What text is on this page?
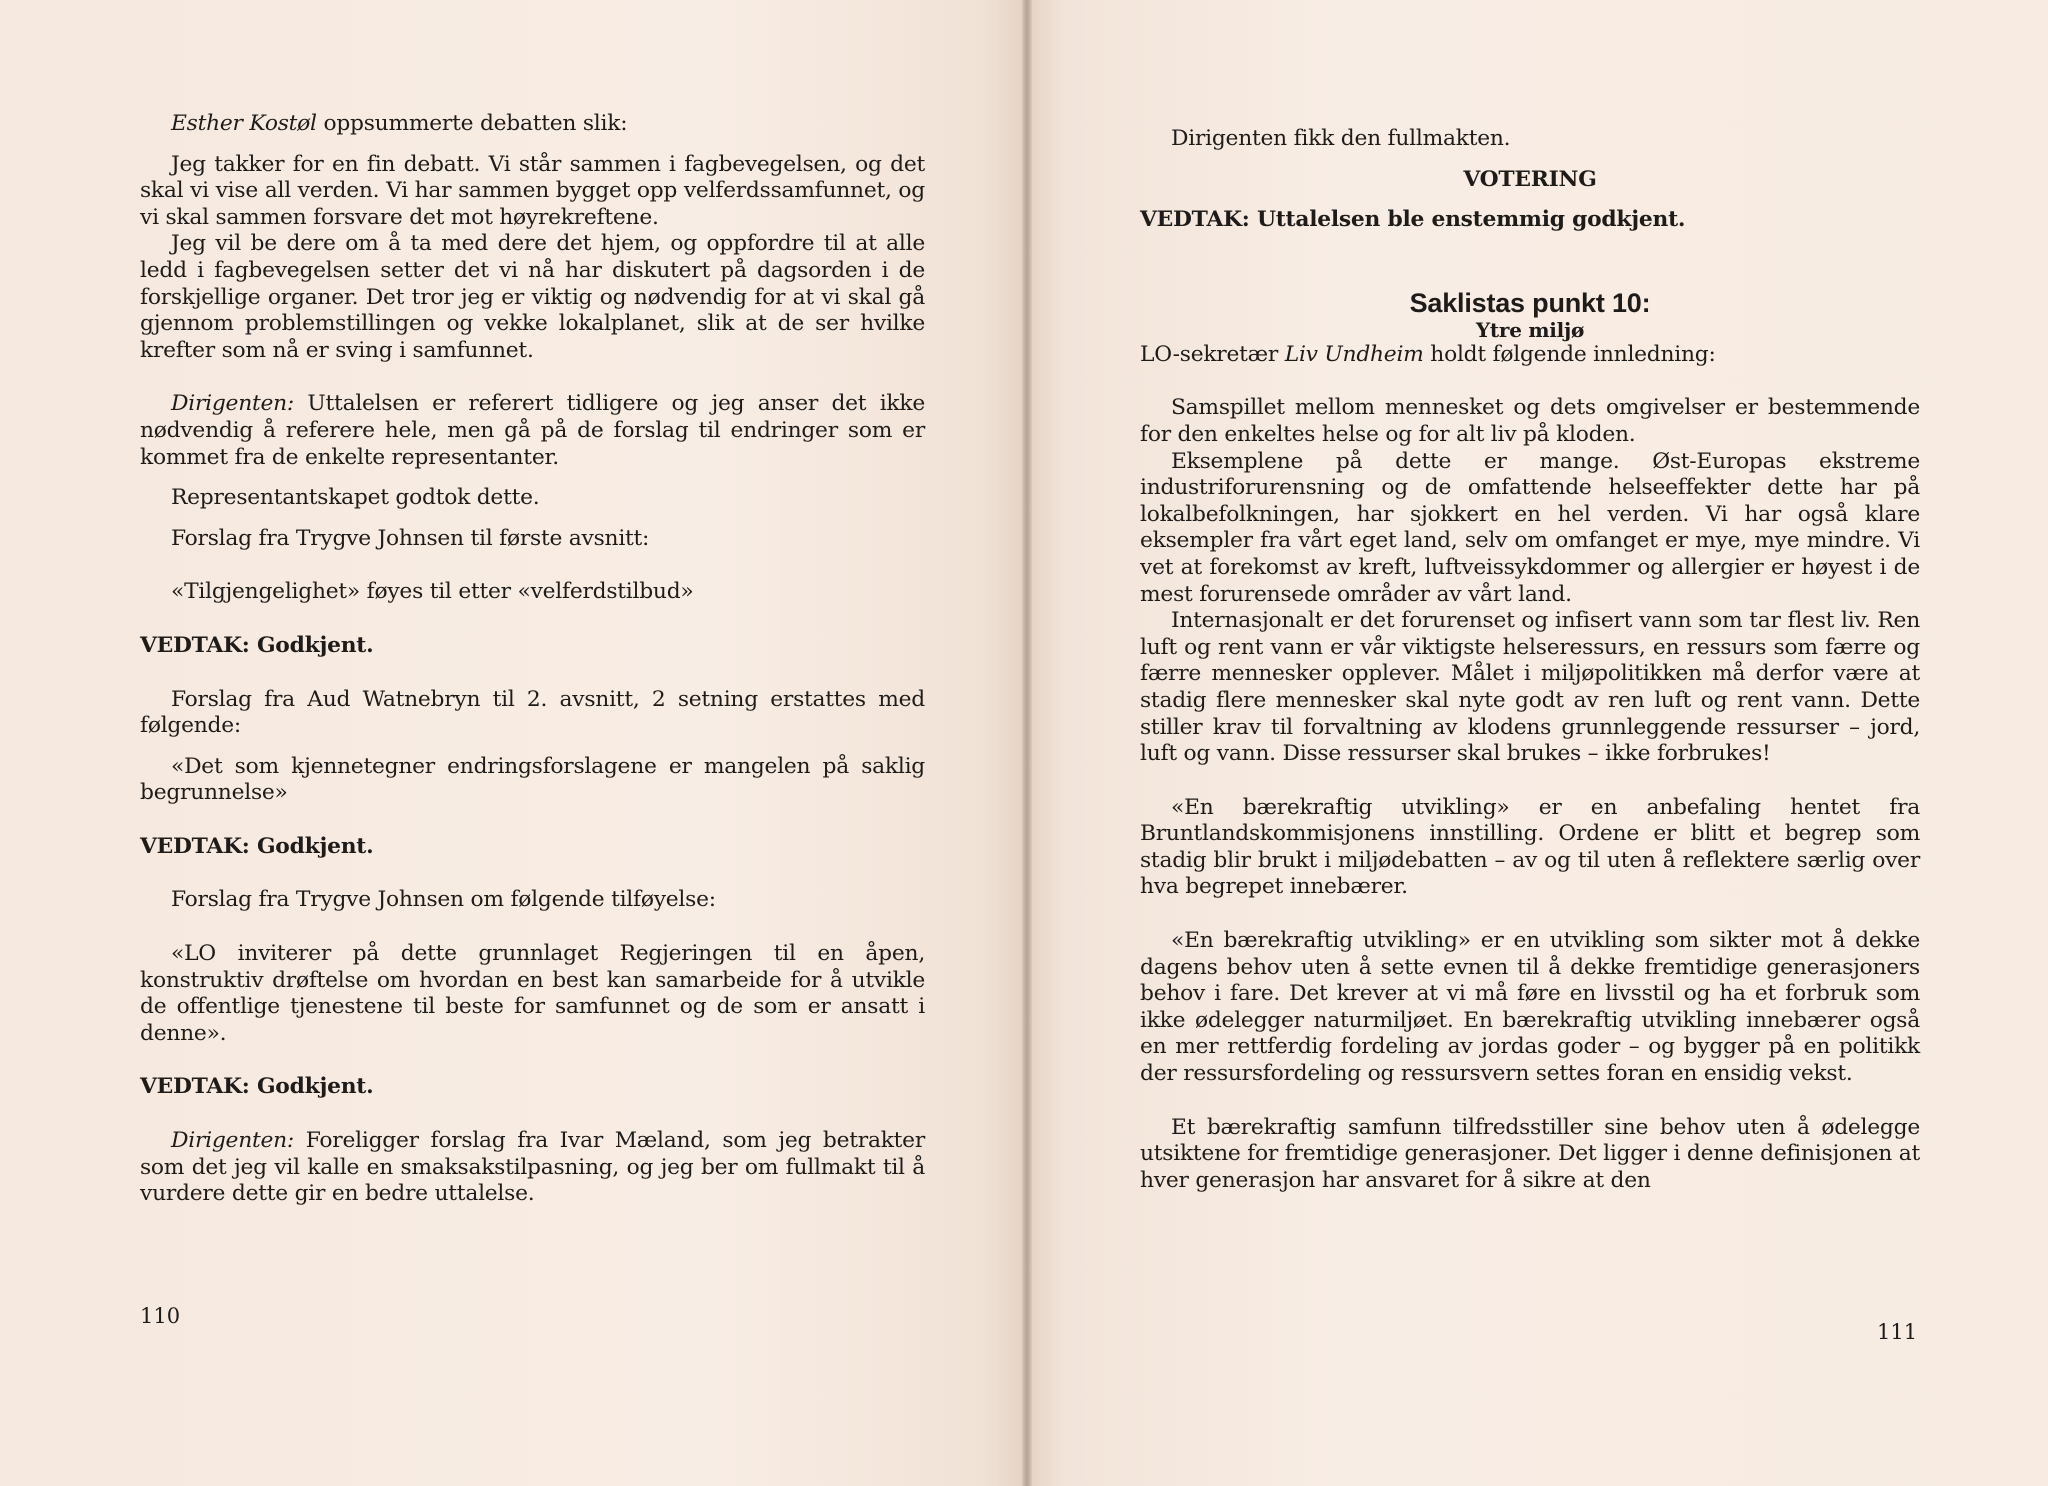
Esther Kostøl oppsummerte debatten slik:

Jeg takker for en fin debatt. Vi står sammen i fagbevegelsen, og det skal vi vise all verden. Vi har sammen bygget opp velferdssamfunnet, og vi skal sammen forsvare det mot høyrekreftene.

Jeg vil be dere om å ta med dere det hjem, og oppfordre til at alle ledd i fagbevegelsen setter det vi nå har diskutert på dagsorden i de forskjellige organer. Det tror jeg er viktig og nødvendig for at vi skal gå gjennom problemstillingen og vekke lokalplanet, slik at de ser hvilke krefter som nå er sving i samfunnet.

Dirigenten: Uttalelsen er referert tidligere og jeg anser det ikke nødvendig å referere hele, men gå på de forslag til endringer som er kommet fra de enkelte representanter.

Representantskapet godtok dette.

Forslag fra Trygve Johnsen til første avsnitt:

«Tilgjengelighet» føyes til etter «velferdstilbud»

VEDTAK: Godkjent.

Forslag fra Aud Watnebryn til 2. avsnitt, 2 setning erstattes med følgende:

«Det som kjennetegner endringsforslagene er mangelen på saklig begrunnelse»

VEDTAK: Godkjent.

Forslag fra Trygve Johnsen om følgende tilføyelse:

«LO inviterer på dette grunnlaget Regjeringen til en åpen, konstruktiv drøftelse om hvordan en best kan samarbeide for å utvikle de offentlige tjenestene til beste for samfunnet og de som er ansatt i denne».

VEDTAK: Godkjent.

Dirigenten: Foreligger forslag fra Ivar Mæland, som jeg betrakter som det jeg vil kalle en smaksakstilpasning, og jeg ber om fullmakt til å vurdere dette gir en bedre uttalelse.

110

Dirigenten fikk den fullmakten.

VOTERING

VEDTAK: Uttalelsen ble enstemmig godkjent.

Saklistas punkt 10:

Ytre miljø

LO-sekretær Liv Undheim holdt følgende innledning:

Samspillet mellom mennesket og dets omgivelser er bestemmende for den enkeltes helse og for alt liv på kloden.

Eksemplene på dette er mange. Øst-Europas ekstreme industriforurensning og de omfattende helseeffekter dette har på lokalbefolkningen, har sjokkert en hel verden. Vi har også klare eksempler fra vårt eget land, selv om omfanget er mye, mye mindre. Vi vet at forekomst av kreft, luftveissykdommer og allergier er høyest i de mest forurensede områder av vårt land.

Internasjonalt er det forurenset og infisert vann som tar flest liv. Ren luft og rent vann er vår viktigste helseressurs, en ressurs som færre og færre mennesker opplever. Målet i miljøpolitikken må derfor være at stadig flere mennesker skal nyte godt av ren luft og rent vann. Dette stiller krav til forvaltning av klodens grunnleggende ressurser – jord, luft og vann. Disse ressurser skal brukes – ikke forbrukes!

«En bærekraftig utvikling» er en anbefaling hentet fra Bruntlandskommisjonens innstilling. Ordene er blitt et begrep som stadig blir brukt i miljødebatten – av og til uten å reflektere særlig over hva begrepet innebærer.

«En bærekraftig utvikling» er en utvikling som sikter mot å dekke dagens behov uten å sette evnen til å dekke fremtidige generasjoners behov i fare. Det krever at vi må føre en livsstil og ha et forbruk som ikke ødelegger naturmiljøet. En bærekraftig utvikling innebærer også en mer rettferdig fordeling av jordas goder – og bygger på en politikk der ressursfordeling og ressursvern settes foran en ensidig vekst.

Et bærekraftig samfunn tilfredsstiller sine behov uten å ødelegge utsiktene for fremtidige generasjoner. Det ligger i denne definisjonen at hver generasjon har ansvaret for å sikre at den

111
